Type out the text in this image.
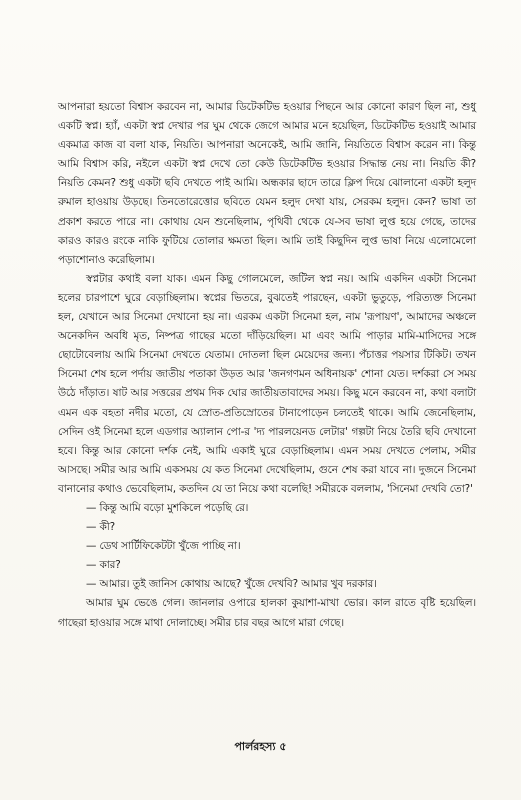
আপনারা হয়তো বিশ্বাস করবেন না, আমার ডিটেকটিভ হওয়ার পিছনে আর কোনো কারণ ছিল না, শুধু একটি স্বপ্ন। হ্যাঁ, একটা স্বপ্ন দেখার পর ঘুম থেকে জেগে আমার মনে হয়েছিল, ডিটেকটিভ হওয়াই আমার একমাত্র কাজ বা বলা যাক, নিয়তি। আপনারা অনেকেই, আমি জানি, নিয়তিতে বিশ্বাস করেন না। কিন্তু আমি বিশ্বাস করি, নইলে একটা স্বপ্ন দেখে তো কেউ ডিটেকটিভ হওয়ার সিদ্ধান্ত নেয় না। নিয়তি কী? নিয়তি কেমন? শুধু একটা ছবি দেখতে পাই আমি। অন্ধকার ছাদে তারে ক্লিপ দিয়ে ঝোলানো একটা হলুদ রুমাল হাওয়ায় উড়ছে। তিনতোরেত্তোর ছবিতে যেমন হলুদ দেখা যায়, সেরকম হলুদ। কেন? ভাষা তা প্রকাশ করতে পারে না। কোথায় যেন শুনেছিলাম, পৃথিবী থেকে যে-সব ভাষা লুপ্ত হয়ে গেছে, তাদের কারও কারও রংকে নাকি ফুটিয়ে তোলার ক্ষমতা ছিল। আমি তাই কিছুদিন লুপ্ত ভাষা নিয়ে এলোমেলো পড়াশোনাও করেছিলাম।

স্বপ্নটার কথাই বলা যাক। এমন কিছু গোলমেলে, জটিল স্বপ্ন নয়। আমি একদিন একটা সিনেমা হলের চারপাশে ঘুরে বেড়াচ্ছিলাম। স্বপ্নের ভিতরে, বুঝতেই পারছেন, একটা ভুতুড়ে, পরিত্যক্ত সিনেমা হল, যেখানে আর সিনেমা দেখানো হয় না। এরকম একটা সিনেমা হল, নাম 'রূপায়ণ', আমাদের অঞ্চলে অনেকদিন অবধি মৃত, নিষ্পত্র গাছের মতো দাঁড়িয়েছিল। মা এবং আমি পাড়ার মামি-মাসিদের সঙ্গে ছোটোবেলায় আমি সিনেমা দেখতে যেতাম। দোতলা ছিল মেয়েদের জন্য। পঁচাত্তর পয়সার টিকিট। তখন সিনেমা শেষ হলে পর্দায় জাতীয় পতাকা উড়ত আর 'জনগণমন অধিনায়ক' শোনা যেত। দর্শকরা সে সময় উঠে দাঁড়াত। ষাট আর সত্তরের প্রথম দিক ঘোর জাতীয়তাবাদের সময়। কিছু মনে করবেন না, কথা বলাটা এমন এক বহতা নদীর মতো, যে স্রোত-প্রতিস্রোতের টানাপোড়েন চলতেই থাকে। আমি জেনেছিলাম, সেদিন ওই সিনেমা হলে এডগার অ্যালান পো-র 'দ্য পারলয়েনড লেটার' গল্পটা নিয়ে তৈরি ছবি দেখানো হবে। কিন্তু আর কোনো দর্শক নেই, আমি একাই ঘুরে বেড়াচ্ছিলাম। এমন সময় দেখতে পেলাম, সমীর আসছে। সমীর আর আমি একসময় যে কত সিনেমা দেখেছিলাম, গুনে শেষ করা যাবে না। দুজনে সিনেমা বানানোর কথাও ভেবেছিলাম, কতদিন যে তা নিয়ে কথা বলেছি! সমীরকে বললাম, 'সিনেমা দেখবি তো?'

— কিন্তু আমি বড়ো মুশকিলে পড়েছি রে।

— কী?

— ডেথ সার্টিফিকেটটা খুঁজে পাচ্ছি না।

— কার?

— আমার। তুই জানিস কোথায় আছে? খুঁজে দেখবি? আমার খুব দরকার।

আমার ঘুম ভেঙে গেল। জানলার ওপারে হালকা কুয়াশা-মাখা ভোর। কাল রাতে বৃষ্টি হয়েছিল। গাছেরা হাওয়ার সঙ্গে মাথা দোলাচ্ছে। সমীর চার বছর আগে মারা গেছে।

পার্লরহস্য ৫
